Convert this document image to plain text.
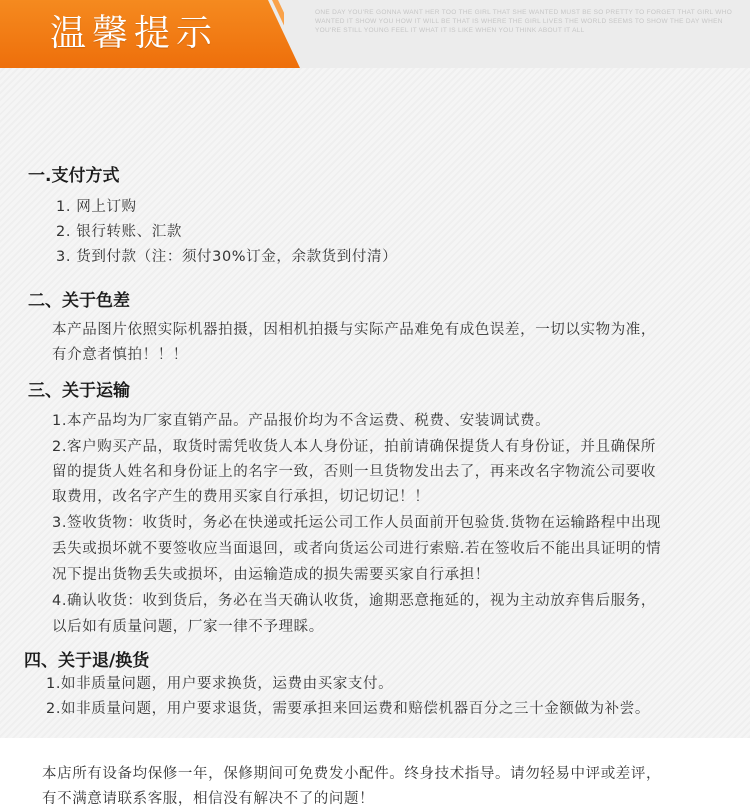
温馨提示
ONE DAY YOU'RE GONNA WANT HER TOO THE GIRL THAT SHE WANTED MUST BE SO PRETTY TO FORGET THAT GIRL WHO WANTED IT SHOW YOU HOW IT WILL BE THAT IS WHERE THE GIRL LIVES THE WORLD SEEMS TO SHOW THE DAY WHEN YOU'RE STILL YOUNG FEEL IT WHAT IT IS LIKE WHEN YOU THINK ABOUT IT ALL
一.支付方式
1. 网上订购
2. 银行转账、汇款
3. 货到付款（注：须付30%订金，余款货到付清）
二、关于色差
本产品图片依照实际机器拍摄，因相机拍摄与实际产品难免有成色误差，一切以实物为准，
有介意者慎拍！！！
三、关于运输
1.本产品均为厂家直销产品。产品报价均为不含运费、税费、安装调试费。
2.客户购买产品，取货时需凭收货人本人身份证，拍前请确保提货人有身份证，并且确保所
留的提货人姓名和身份证上的名字一致，否则一旦货物发出去了，再来改名字物流公司要收
取费用，改名字产生的费用买家自行承担，切记切记！！
3.签收货物：收货时，务必在快递或托运公司工作人员面前开包验货.货物在运输路程中出现
丢失或损坏就不要签收应当面退回，或者向货运公司进行索赔.若在签收后不能出具证明的情
况下提出货物丢失或损坏，由运输造成的损失需要买家自行承担！
4.确认收货：收到货后，务必在当天确认收货，逾期恶意拖延的，视为主动放弃售后服务，
以后如有质量问题，厂家一律不予理睬。
四、关于退/换货
1.如非质量问题，用户要求换货，运费由买家支付。
2.如非质量问题，用户要求退货，需要承担来回运费和赔偿机器百分之三十金额做为补尝。
本店所有设备均保修一年，保修期间可免费发小配件。终身技术指导。请勿轻易中评或差评，
有不满意请联系客服，相信没有解决不了的问题！
